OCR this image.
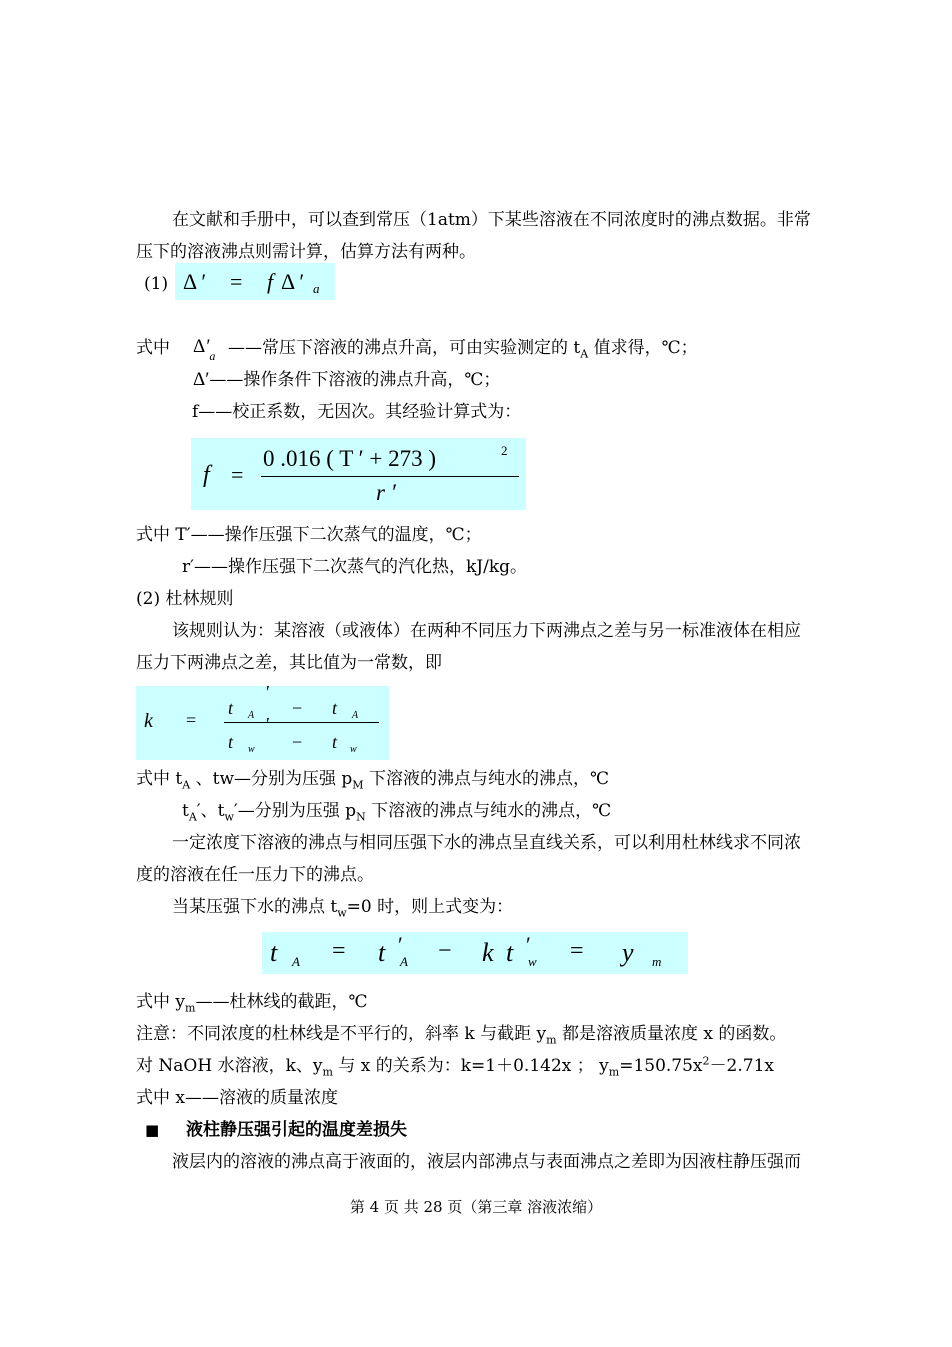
在文献和手册中，可以查到常压（1atm）下某些溶液在不同浓度时的沸点数据。非常
压下的溶液沸点则需计算，估算方法有两种。
(1) Δ ′ = f Δ ′ a
式中 $\Delta'_a$ ——常压下溶液的沸点升高，可由实验测定的 $t_A$ 值求得，℃；
Δ′——操作条件下溶液的沸点升高，℃；
f——校正系数，无因次。其经验计算式为：
f =
0 .016 ( T ′ + 273 )	2
r ′
式中 T′——操作压强下二次蒸气的温度，℃；
r′——操作压强下二次蒸气的汽化热，kJ/kg。
(2) 杜林规则
该规则认为：某溶液（或液体）在两种不同压力下两沸点之差与另一标准液体在相应
压力下两沸点之差，其比值为一常数，即
k =
′
t A − t A
′
t w − t w
式中 $t_A$ 、tw—分别为压强 $p_M$ 下溶液的沸点与纯水的沸点，℃
$t_A'$、$t_w'—$分别为压强 $p_N$ 下溶液的沸点与纯水的沸点，℃
一定浓度下溶液的沸点与相同压强下水的沸点呈直线关系，可以利用杜林线求不同浓
度的溶液在任一压力下的沸点。
当某压强下水的沸点 $t_w=0$ 时，则上式变为：
t A = t ′
A − k t ′
w = y m
式中 $y_m——$杜林线的截距，℃
注意：不同浓度的杜林线是不平行的，斜率 k 与截距 $y_m$ 都是溶液质量浓度 x 的函数。
对 NaOH 水溶液，k、$y_m$ 与 x 的关系为：k=1＋0.142x ； $y_m=150.75x^2-2.71x$
式中 x——溶液的质量浓度
■ 液柱静压强引起的温度差损失
液层内的溶液的沸点高于液面的，液层内部沸点与表面沸点之差即为因液柱静压强而
第 4 页 共 28 页（第三章 溶液浓缩）
